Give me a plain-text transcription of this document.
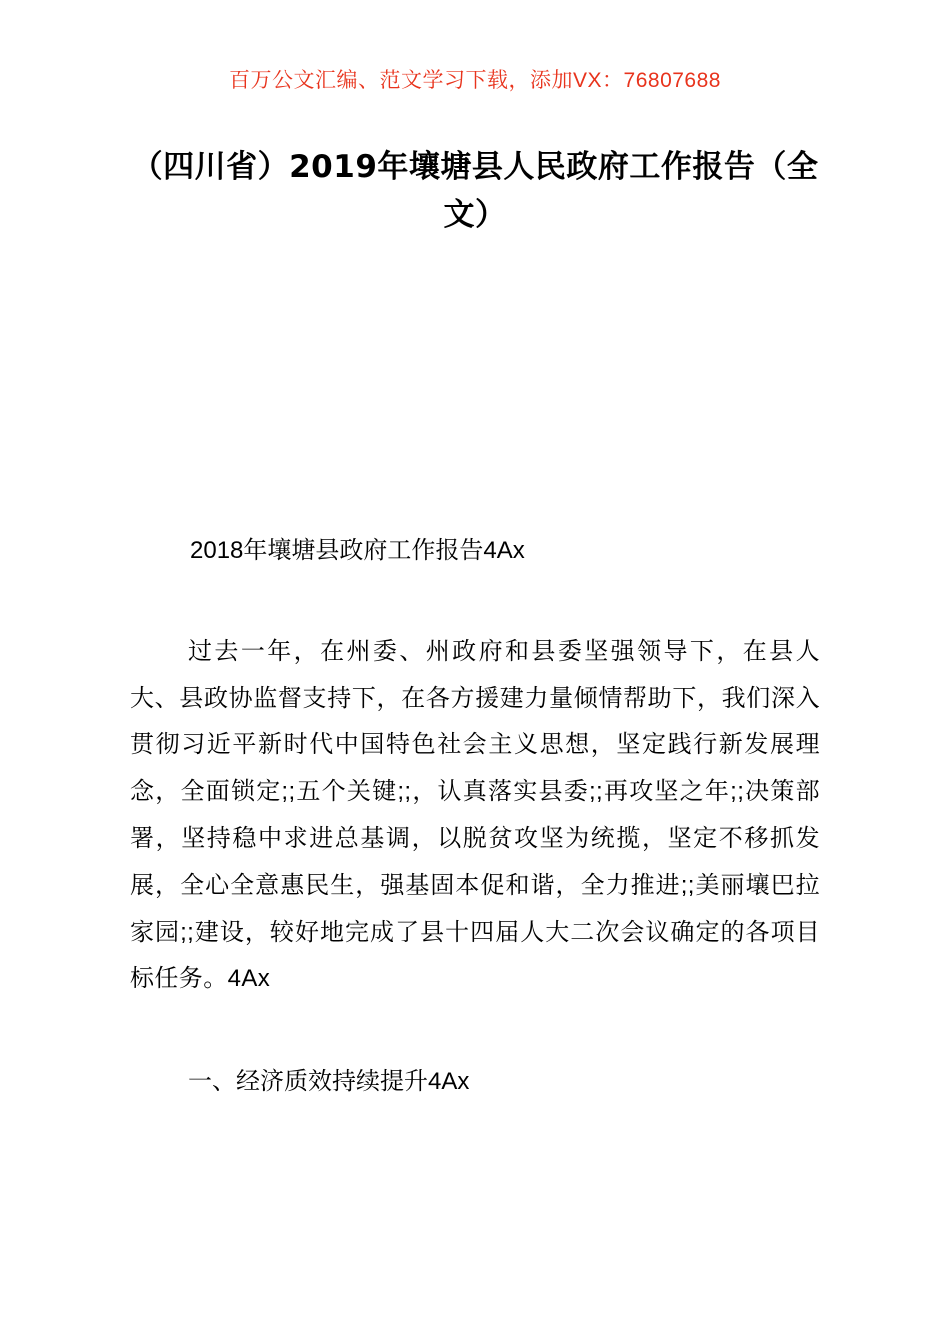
百万公文汇编、范文学习下载，添加VX：76807688
（四川省）2019年壤塘县人民政府工作报告（全文）
2018年壤塘县政府工作报告4Ax

过去一年，在州委、州政府和县委坚强领导下，在县人大、县政协监督支持下，在各方援建力量倾情帮助下，我们深入贯彻习近平新时代中国特色社会主义思想，坚定践行新发展理念，全面锁定;;五个关键;;，认真落实县委;;再攻坚之年;;决策部署，坚持稳中求进总基调，以脱贫攻坚为统揽，坚定不移抓发展，全心全意惠民生，强基固本促和谐，全力推进;;美丽壤巴拉家园;;建设，较好地完成了县十四届人大二次会议确定的各项目标任务。4Ax

一、经济质效持续提升4Ax
